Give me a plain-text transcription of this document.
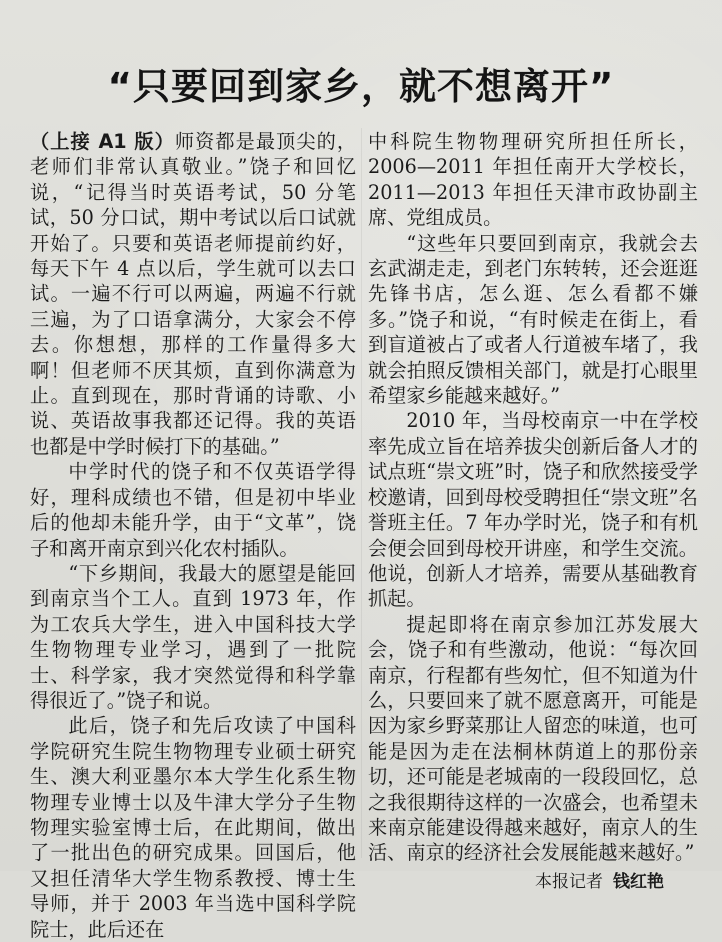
“只要回到家乡，就不想离开”

（上接 A1 版）师资都是最顶尖的，老师们非常认真敬业。”饶子和回忆说，“记得当时英语考试，50 分笔试，50 分口试，期中考试以后口试就开始了。只要和英语老师提前约好，每天下午 4 点以后，学生就可以去口试。一遍不行可以两遍，两遍不行就三遍，为了口语拿满分，大家会不停去。你想想，那样的工作量得多大啊！但老师不厌其烦，直到你满意为止。直到现在，那时背诵的诗歌、小说、英语故事我都还记得。我的英语也都是中学时候打下的基础。”

中学时代的饶子和不仅英语学得好，理科成绩也不错，但是初中毕业后的他却未能升学，由于“文革”，饶子和离开南京到兴化农村插队。

“下乡期间，我最大的愿望是能回到南京当个工人。直到 1973 年，作为工农兵大学生，进入中国科技大学生物物理专业学习，遇到了一批院士、科学家，我才突然觉得和科学靠得很近了。”饶子和说。

此后，饶子和先后攻读了中国科学院研究生院生物物理专业硕士研究生、澳大利亚墨尔本大学生化系生物物理专业博士以及牛津大学分子生物物理实验室博士后，在此期间，做出了一批出色的研究成果。回国后，他又担任清华大学生物系教授、博士生导师，并于 2003 年当选中国科学院院士，此后还在

中科院生物物理研究所担任所长，2006—2011 年担任南开大学校长，2011—2013 年担任天津市政协副主席、党组成员。

“这些年只要回到南京，我就会去玄武湖走走，到老门东转转，还会逛逛先锋书店，怎么逛、怎么看都不嫌多。”饶子和说，“有时候走在街上，看到盲道被占了或者人行道被车堵了，我就会拍照反馈相关部门，就是打心眼里希望家乡能越来越好。”

2010 年，当母校南京一中在学校率先成立旨在培养拔尖创新后备人才的试点班“崇文班”时，饶子和欣然接受学校邀请，回到母校受聘担任“崇文班”名誉班主任。7 年办学时光，饶子和有机会便会回到母校开讲座，和学生交流。他说，创新人才培养，需要从基础教育抓起。

提起即将在南京参加江苏发展大会，饶子和有些激动，他说：“每次回南京，行程都有些匆忙，但不知道为什么，只要回来了就不愿意离开，可能是因为家乡野菜那让人留恋的味道，也可能是因为走在法桐林荫道上的那份亲切，还可能是老城南的一段段回忆，总之我很期待这样的一次盛会，也希望未来南京能建设得越来越好，南京人的生活、南京的经济社会发展能越来越好。”

本报记者 钱红艳
